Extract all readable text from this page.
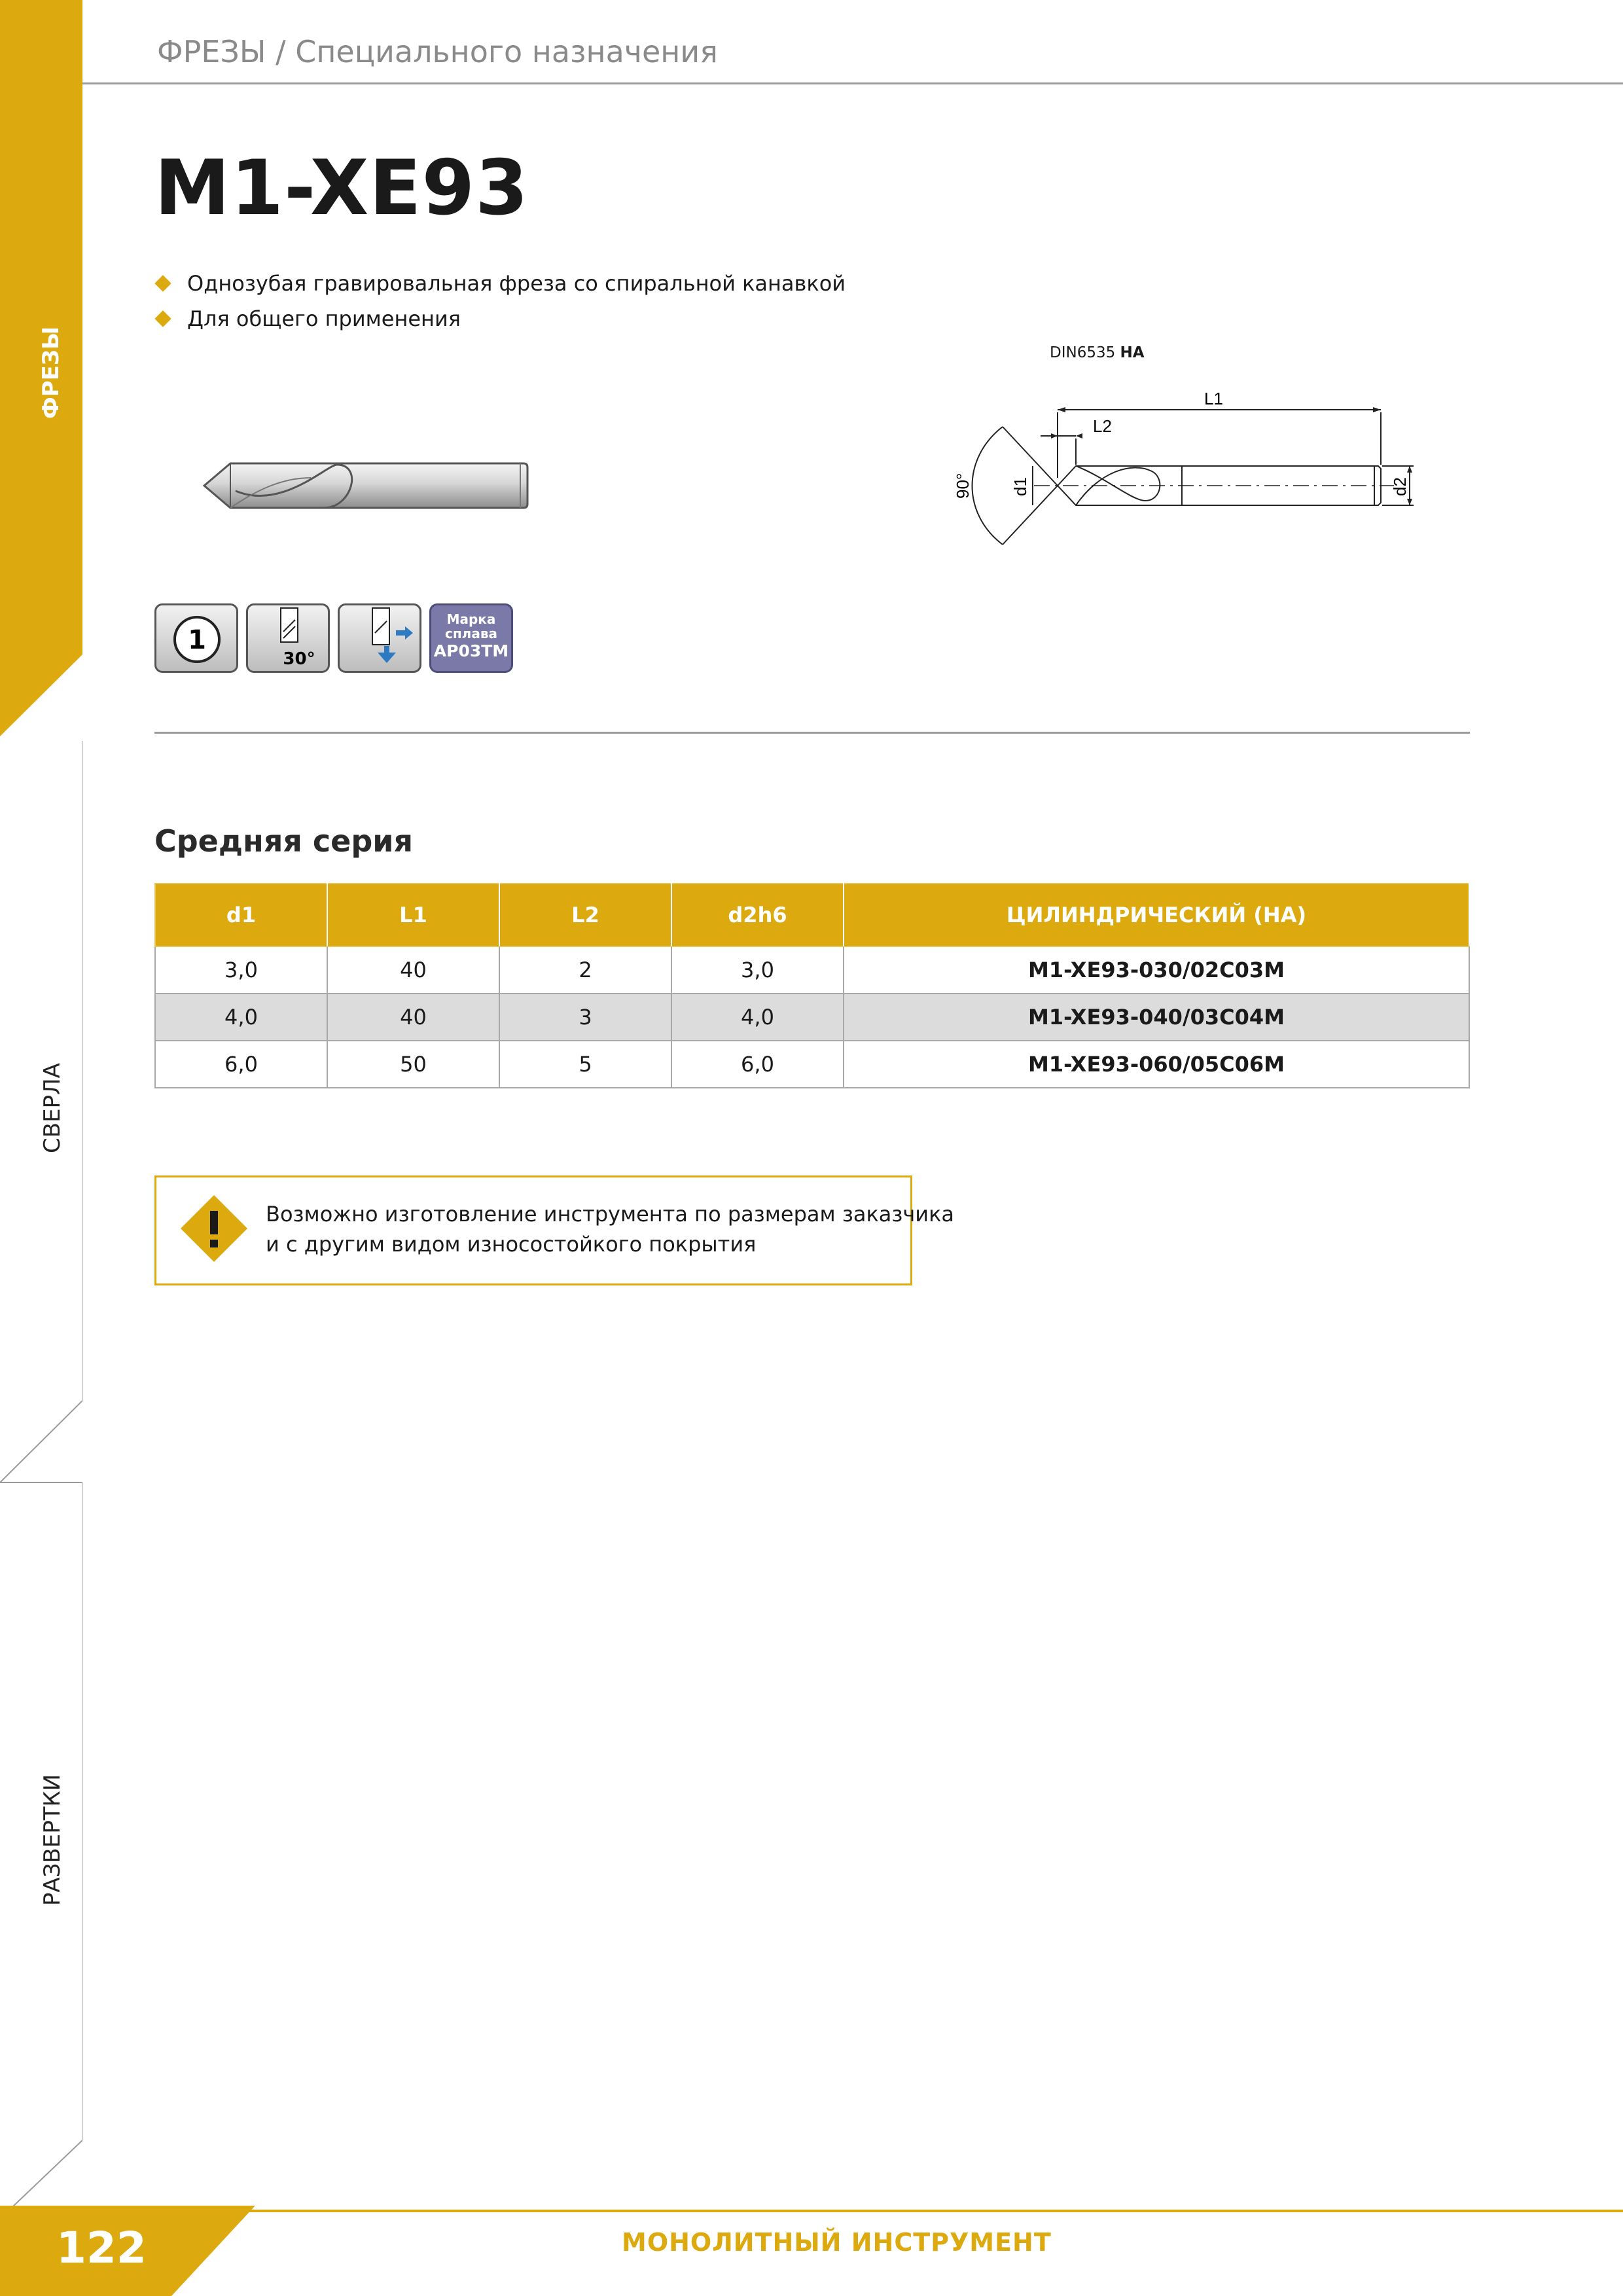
ФРЕЗЫ
СВЕРЛА
РАЗВЕРТКИ
ФРЕЗЫ / Специального назначения
M1-XE93
Однозубая гравировальная фреза со спиральной канавкой
Для общего применения
DIN6535 HA
L1
L2
90° d1	d2
1
30°
Марка
сплава
AP03TM
Средняя серия
d1	L1	L2	d2h6	ЦИЛИНДРИЧЕСКИЙ (НА)
3,0	40	2	3,0	M1-XE93-030/02C03M
4,0	40	3	4,0	M1-XE93-040/03C04M
6,0	50	5	6,0	M1-XE93-060/05C06M
Возможно изготовление инструмента по размерам заказчика
и с другим видом износостойкого покрытия
122	МОНОЛИТНЫЙ ИНСТРУМЕНТ
